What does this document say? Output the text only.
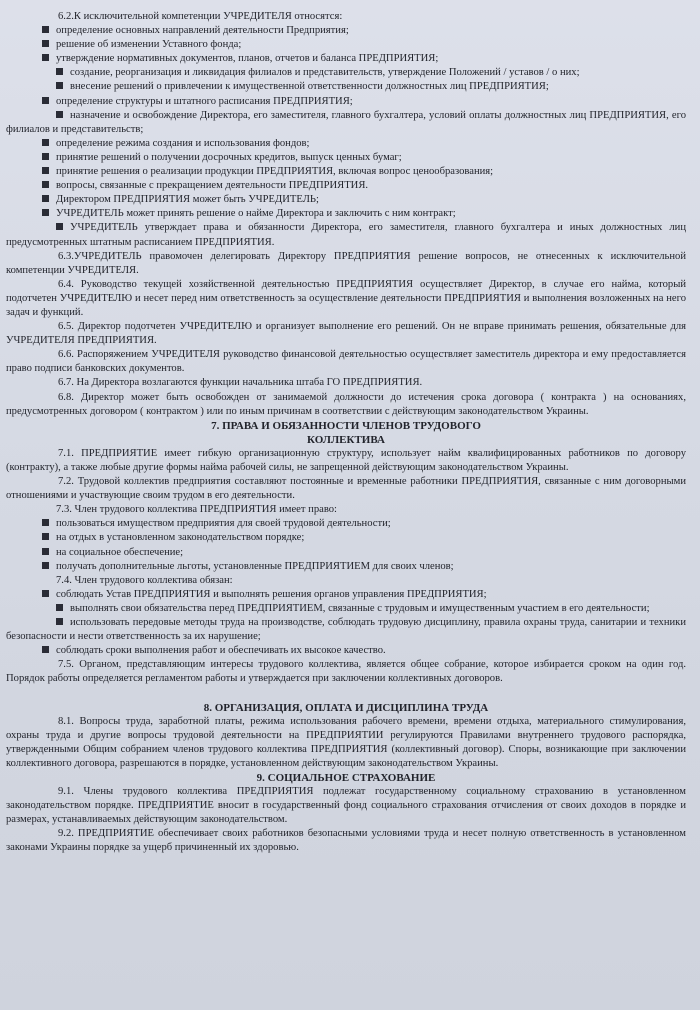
6.2.К исключительной компетенции УЧРЕДИТЕЛЯ относятся:

определение основных направлений деятельности Предприятия;

решение об изменении Уставного фонда;

утверждение нормативных документов, планов, отчетов и баланса ПРЕДПРИЯТИЯ;

создание, реорганизация и ликвидация филиалов и представительств, утверждение Положений / уставов / о них;

внесение решений о привлечении к имущественной ответственности должностных лиц ПРЕДПРИЯТИЯ;

определение структуры и штатного расписания ПРЕДПРИЯТИЯ;

назначение и освобождение Директора, его заместителя, главного бухгалтера, условий оплаты должностных лиц ПРЕДПРИЯТИЯ, его филиалов и представительств;

определение режима создания и использования фондов;

принятие решений о получении досрочных кредитов, выпуск ценных бумаг;

принятие решения о реализации продукции ПРЕДПРИЯТИЯ, включая вопрос ценообразования;

вопросы, связанные с прекращением деятельности ПРЕДПРИЯТИЯ.

Директором ПРЕДПРИЯТИЯ может быть УЧРЕДИТЕЛЬ;

УЧРЕДИТЕЛЬ может принять решение о найме Директора и заключить с ним контракт;

УЧРЕДИТЕЛЬ утверждает права и обязанности Директора, его заместителя, главного бухгалтера и иных должностных лиц предусмотренных штатным расписанием ПРЕДПРИЯТИЯ.

6.3.УЧРЕДИТЕЛЬ правомочен делегировать Директору ПРЕДПРИЯТИЯ решение вопросов, не отнесенных к исключительной компетенции УЧРЕДИТЕЛЯ.

6.4. Руководство текущей хозяйственной деятельностью ПРЕДПРИЯТИЯ осуществляет Директор, в случае его найма, который подотчетен УЧРЕДИТЕЛЮ и несет перед ним ответственность за осуществление деятельности ПРЕДПРИЯТИЯ и выполнения возложенных на него задач и функций.

6.5. Директор подотчетен УЧРЕДИТЕЛЮ и организует выполнение его решений. Он не вправе принимать решения, обязательные для УЧРЕДИТЕЛЯ ПРЕДПРИЯТИЯ.

6.6. Распоряжением УЧРЕДИТЕЛЯ руководство финансовой деятельностью осуществляет заместитель директора и ему предоставляется право подписи банковских документов.

6.7. На Директора возлагаются функции начальника штаба ГО ПРЕДПРИЯТИЯ.

6.8. Директор может быть освобожден от занимаемой должности до истечения срока договора ( контракта ) на основаниях, предусмотренных договором ( контрактом ) или по иным причинам в соответствии с действующим законодательством Украины.

7. ПРАВА И ОБЯЗАННОСТИ ЧЛЕНОВ ТРУДОВОГО

КОЛЛЕКТИВА

7.1. ПРЕДПРИЯТИЕ имеет гибкую организационную структуру, использует найм квалифицированных работников по договору (контракту), а также любые другие формы найма рабочей силы, не запрещенной действующим законодательством Украины.

7.2. Трудовой коллектив предприятия составляют постоянные и временные работники ПРЕДПРИЯТИЯ, связанные с ним договорными отношениями и участвующие своим трудом в его деятельности.

7.3. Член трудового коллектива ПРЕДПРИЯТИЯ имеет право:

пользоваться имуществом предприятия для своей трудовой деятельности;

на отдых в установленном законодательством порядке;

на социальное обеспечение;

получать дополнительные льготы, установленные ПРЕДПРИЯТИЕМ для своих членов;

7.4. Член трудового коллектива обязан:

соблюдать Устав ПРЕДПРИЯТИЯ и выполнять решения органов управления ПРЕДПРИЯТИЯ;

выполнять свои обязательства перед ПРЕДПРИЯТИЕМ, связанные с трудовым и имущественным участием в его деятельности;

использовать передовые методы труда на производстве, соблюдать трудовую дисциплину, правила охраны труда, санитарии и техники безопасности и нести ответственность за их нарушение;

соблюдать сроки выполнения работ и обеспечивать их высокое качество.

7.5. Органом, представляющим интересы трудового коллектива, является общее собрание, которое избирается сроком на один год. Порядок работы определяется регламентом работы и утверждается при заключении коллективных договоров.

8. ОРГАНИЗАЦИЯ, ОПЛАТА И ДИСЦИПЛИНА ТРУДА

8.1. Вопросы труда, заработной платы, режима использования рабочего времени, времени отдыха, материального стимулирования, охраны труда и другие вопросы трудовой деятельности на ПРЕДПРИЯТИИ регулируются Правилами внутреннего трудового распорядка, утвержденными Общим собранием членов трудового коллектива ПРЕДПРИЯТИЯ (коллективный договор). Споры, возникающие при заключении коллективного договора, разрешаются в порядке, установленном действующим законодательством Украины.

9. СОЦИАЛЬНОЕ СТРАХОВАНИЕ

9.1. Члены трудового коллектива ПРЕДПРИЯТИЯ подлежат государственному социальному страхованию в установленном законодательством порядке. ПРЕДПРИЯТИЕ вносит в государственный фонд социального страхования отчисления от своих доходов в порядке и размерах, устанавливаемых действующим законодательством.

9.2. ПРЕДПРИЯТИЕ обеспечивает своих работников безопасными условиями труда и несет полную ответственность в установленном законами Украины порядке за ущерб причиненный их здоровью.
